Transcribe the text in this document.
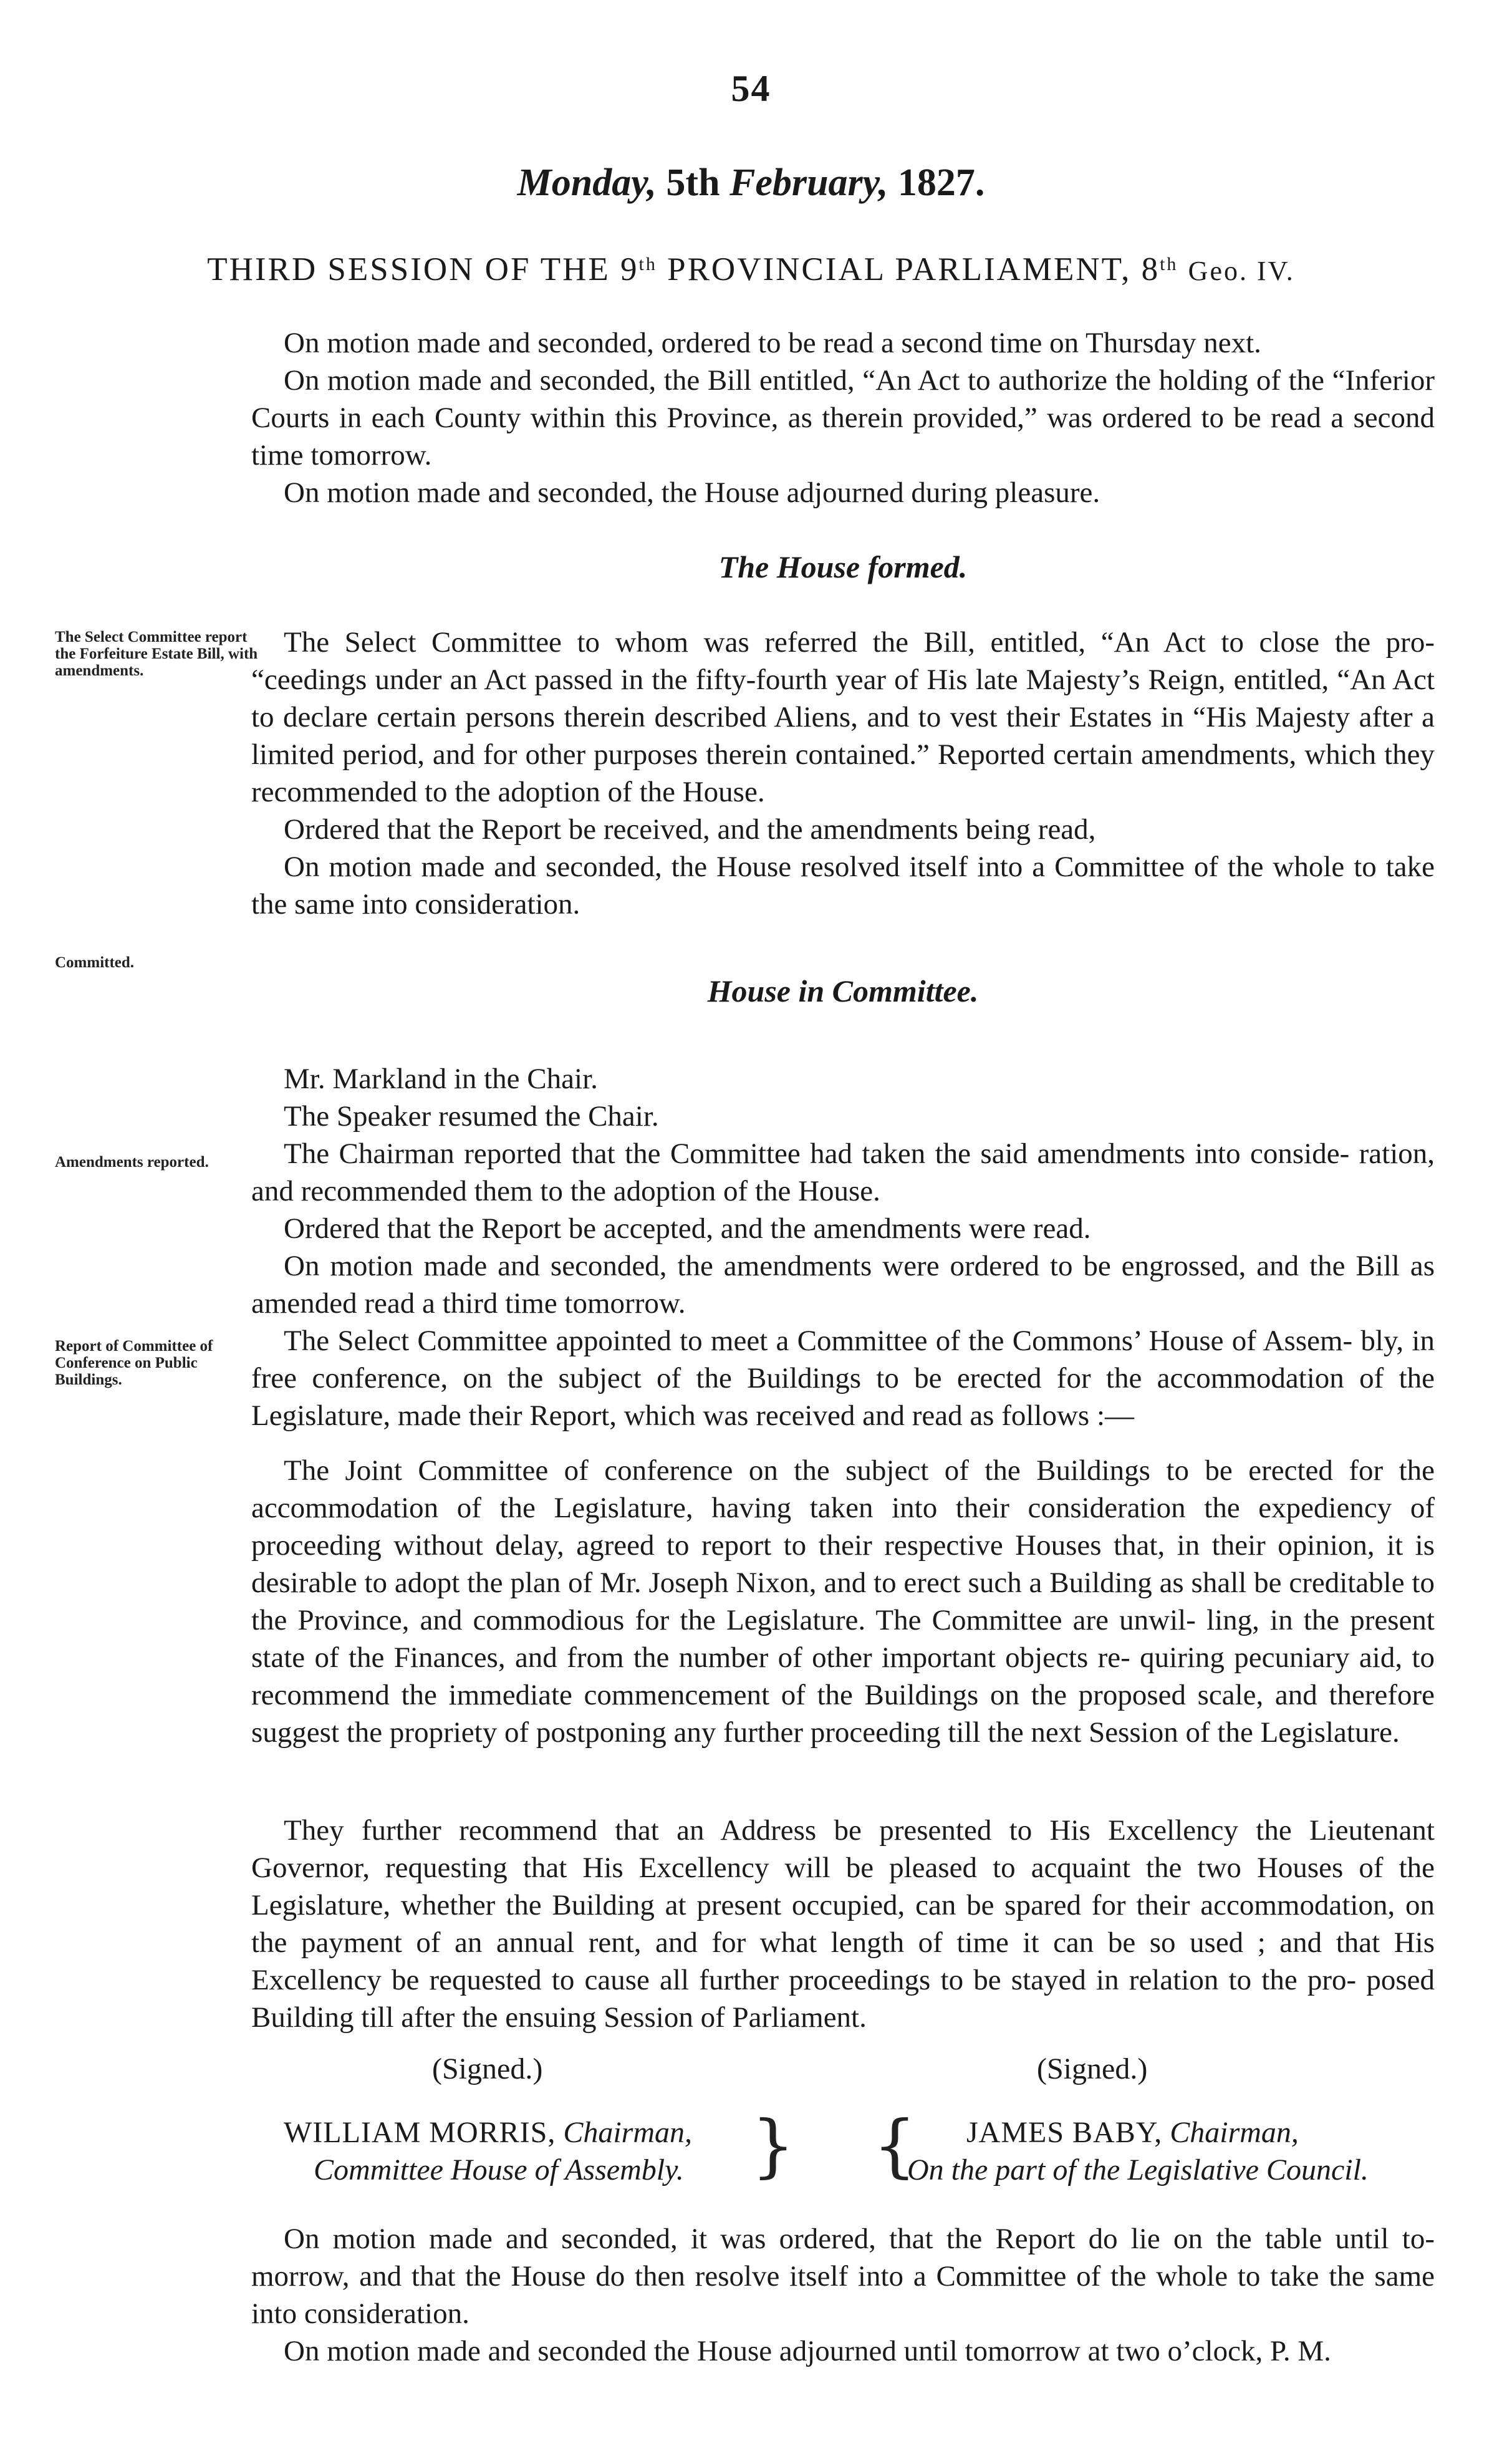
54
Monday, 5th February, 1827.
THIRD SESSION OF THE 9th PROVINCIAL PARLIAMENT, 8th Geo. IV.

On motion made and seconded, ordered to be read a second time on Thursday next.

On motion made and seconded, the Bill entitled, “An Act to authorize the holding of the “Inferior Courts in each County within this Province, as therein provided,” was ordered to be read a second time tomorrow.

On motion made and seconded, the House adjourned during pleasure.

The House formed.
The Select Committee report the Forfeiture Estate Bill, with amendments.

The Select Committee to whom was referred the Bill, entitled, “An Act to close the pro- “ceedings under an Act passed in the fifty-fourth year of His late Majesty’s Reign, entitled, “An Act to declare certain persons therein described Aliens, and to vest their Estates in “His Majesty after a limited period, and for other purposes therein contained.” Reported certain amendments, which they recommended to the adoption of the House.

Ordered that the Report be received, and the amendments being read,

On motion made and seconded, the House resolved itself into a Committee of the whole to take the same into consideration.

Committed.
House in Committee.
Amendments reported.
Report of Committee of Conference on Public Buildings.

Mr. Markland in the Chair.

The Speaker resumed the Chair.

The Chairman reported that the Committee had taken the said amendments into conside- ration, and recommended them to the adoption of the House.

Ordered that the Report be accepted, and the amendments were read.

On motion made and seconded, the amendments were ordered to be engrossed, and the Bill as amended read a third time tomorrow.

The Select Committee appointed to meet a Committee of the Commons’ House of Assem- bly, in free conference, on the subject of the Buildings to be erected for the accommodation of the Legislature, made their Report, which was received and read as follows :—

The Joint Committee of conference on the subject of the Buildings to be erected for the accommodation of the Legislature, having taken into their consideration the expediency of proceeding without delay, agreed to report to their respective Houses that, in their opinion, it is desirable to adopt the plan of Mr. Joseph Nixon, and to erect such a Building as shall be creditable to the Province, and commodious for the Legislature. The Committee are unwil- ling, in the present state of the Finances, and from the number of other important objects re- quiring pecuniary aid, to recommend the immediate commencement of the Buildings on the proposed scale, and therefore suggest the propriety of postponing any further proceeding till the next Session of the Legislature.

They further recommend that an Address be presented to His Excellency the Lieutenant Governor, requesting that His Excellency will be pleased to acquaint the two Houses of the Legislature, whether the Building at present occupied, can be spared for their accommodation, on the payment of an annual rent, and for what length of time it can be so used ; and that His Excellency be requested to cause all further proceedings to be stayed in relation to the pro- posed Building till after the ensuing Session of Parliament.

(Signed.)	(Signed.)
WILLIAM MORRIS, Chairman,
Committee House of Assembly. } {	JAMES BABY, Chairman,
On the part of the Legislative Council.

On motion made and seconded, it was ordered, that the Report do lie on the table until to- morrow, and that the House do then resolve itself into a Committee of the whole to take the same into consideration.

On motion made and seconded the House adjourned until tomorrow at two o’clock, P. M.
